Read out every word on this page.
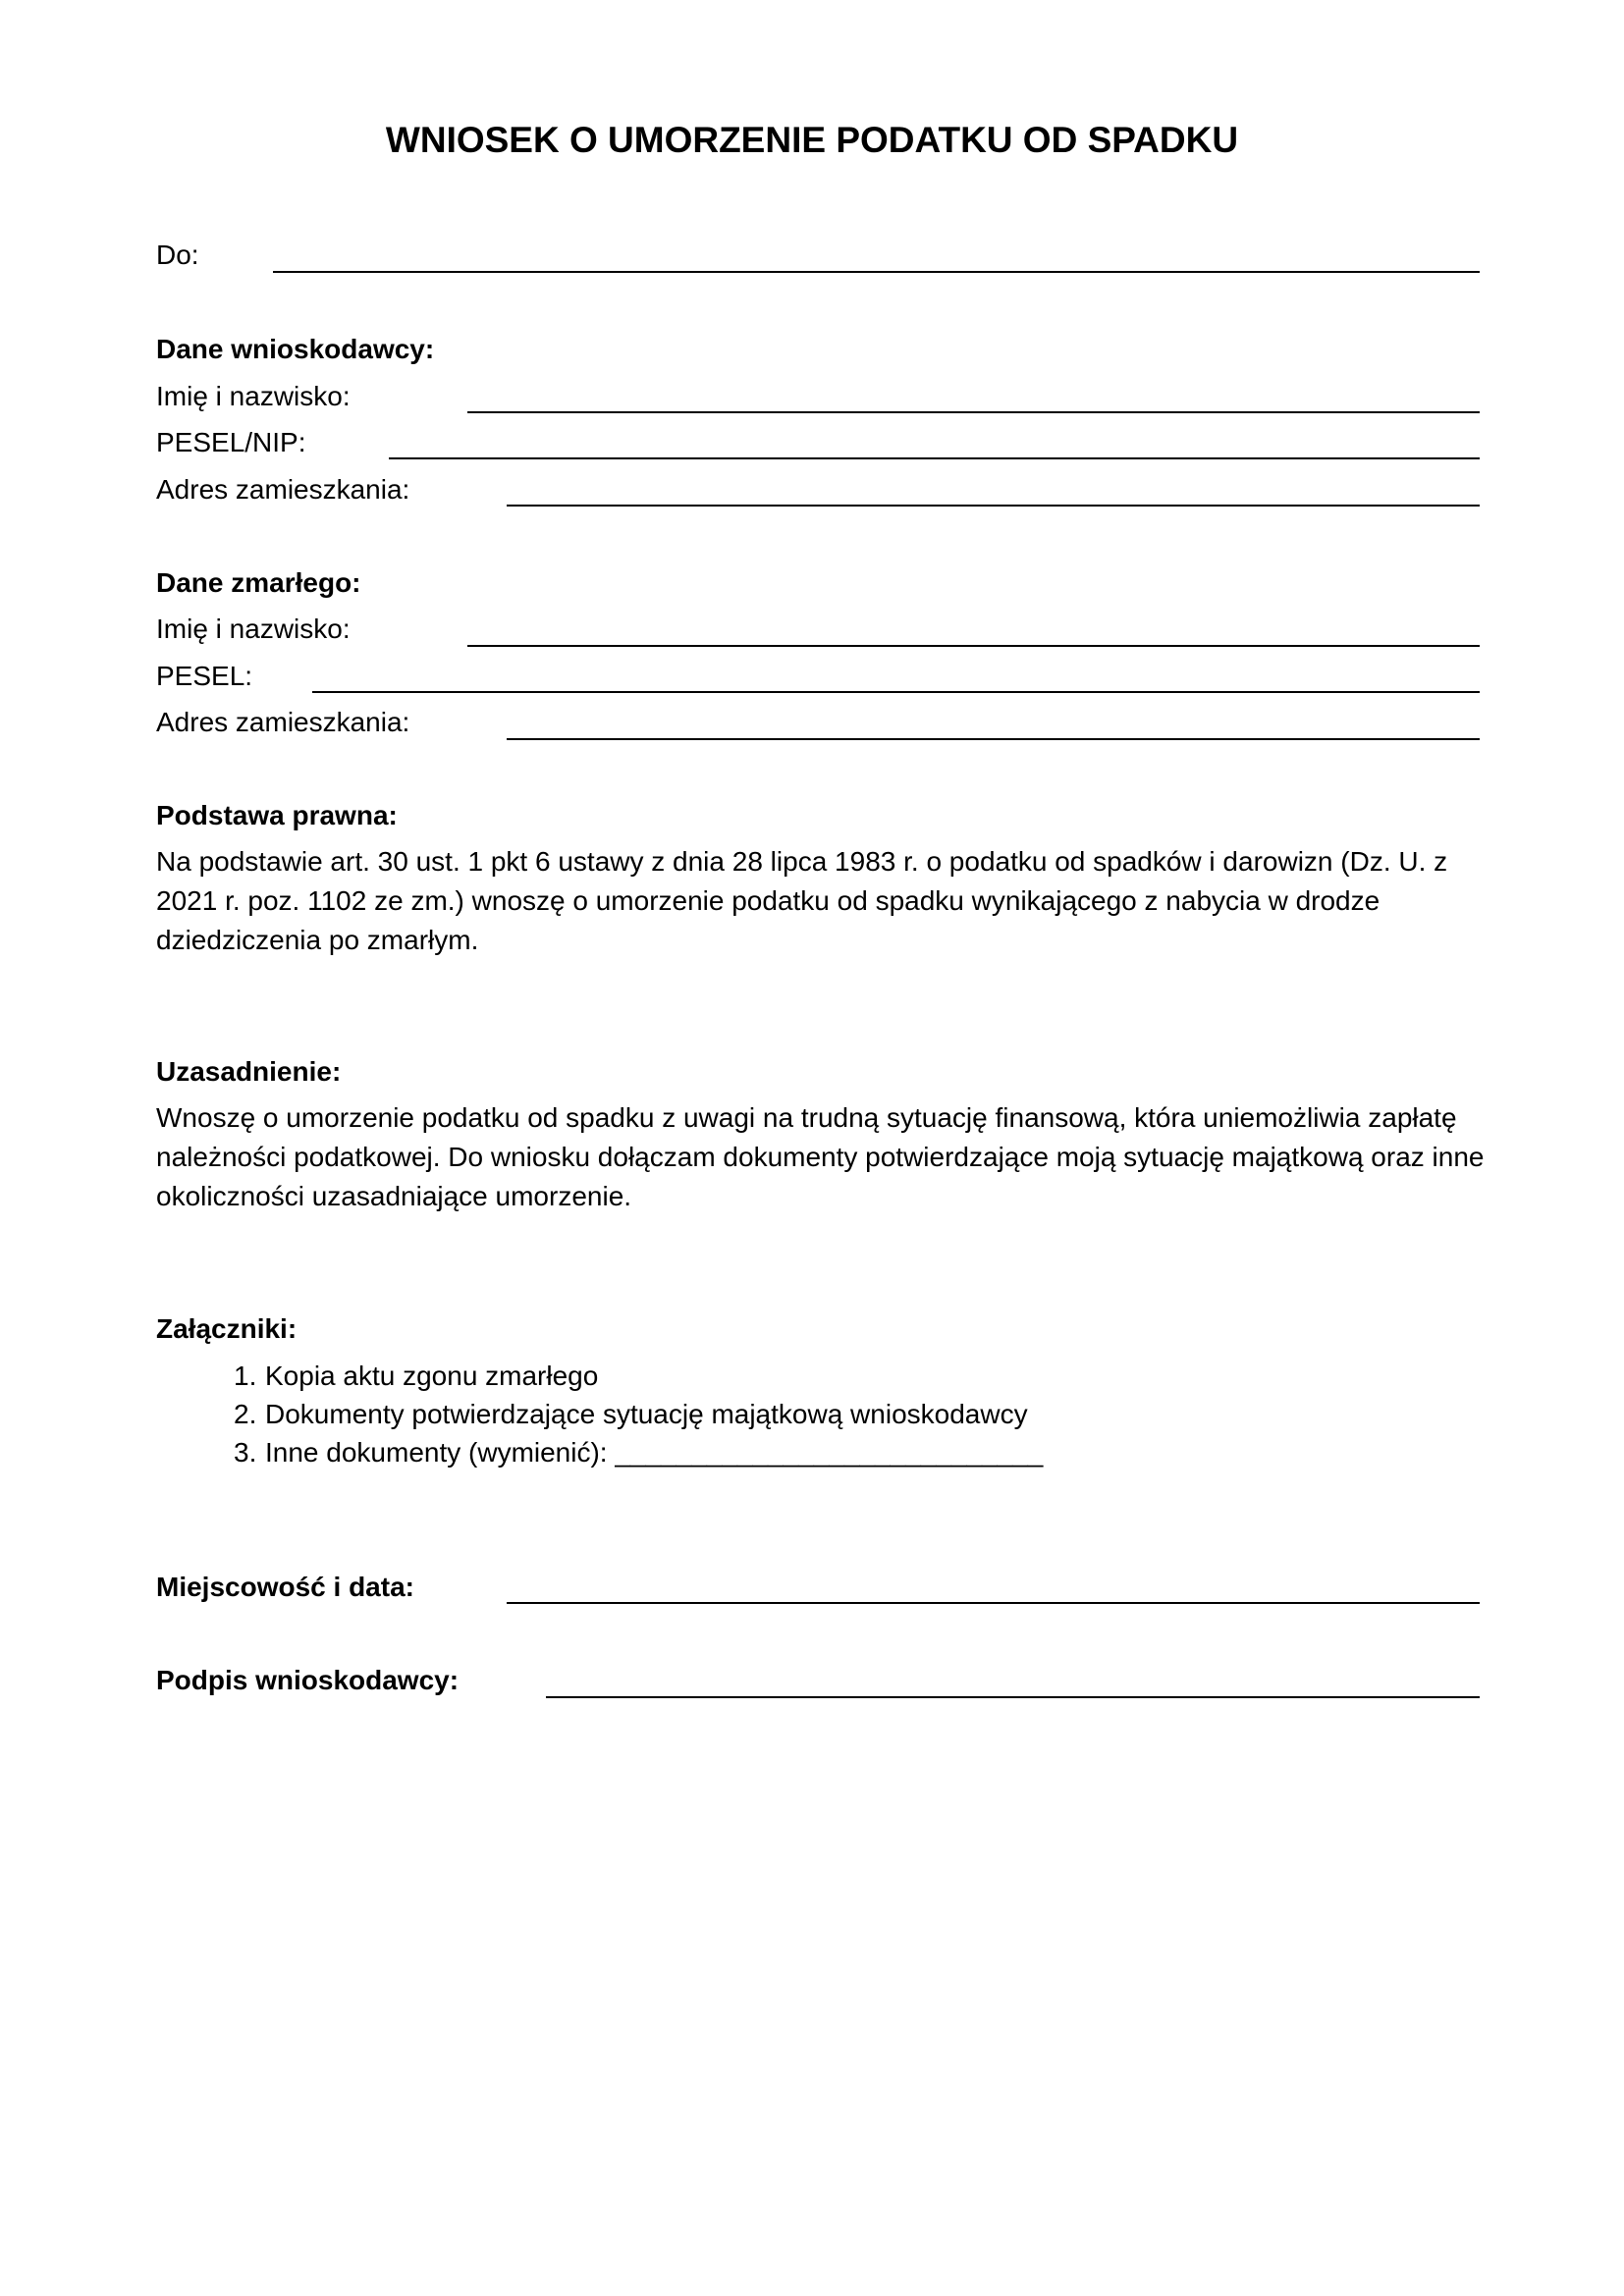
WNIOSEK O UMORZENIE PODATKU OD SPADKU
Do:
Dane wnioskodawcy:
Imię i nazwisko:
PESEL/NIP:
Adres zamieszkania:
Dane zmarłego:
Imię i nazwisko:
PESEL:
Adres zamieszkania:
Podstawa prawna:

Na podstawie art. 30 ust. 1 pkt 6 ustawy z dnia 28 lipca 1983 r. o podatku od spadków i darowizn (Dz. U. z 2021 r. poz. 1102 ze zm.) wnoszę o umorzenie podatku od spadku wynikającego z nabycia w drodze dziedziczenia po zmarłym.

Uzasadnienie:

Wnoszę o umorzenie podatku od spadku z uwagi na trudną sytuację finansową, która uniemożliwia zapłatę należności podatkowej. Do wniosku dołączam dokumenty potwierdzające moją sytuację majątkową oraz inne okoliczności uzasadniające umorzenie.

Załączniki:
1. Kopia aktu zgonu zmarłego
2. Dokumenty potwierdzające sytuację majątkową wnioskodawcy
3. Inne dokumenty (wymienić): ____________________________
Miejscowość i data:
Podpis wnioskodawcy:
